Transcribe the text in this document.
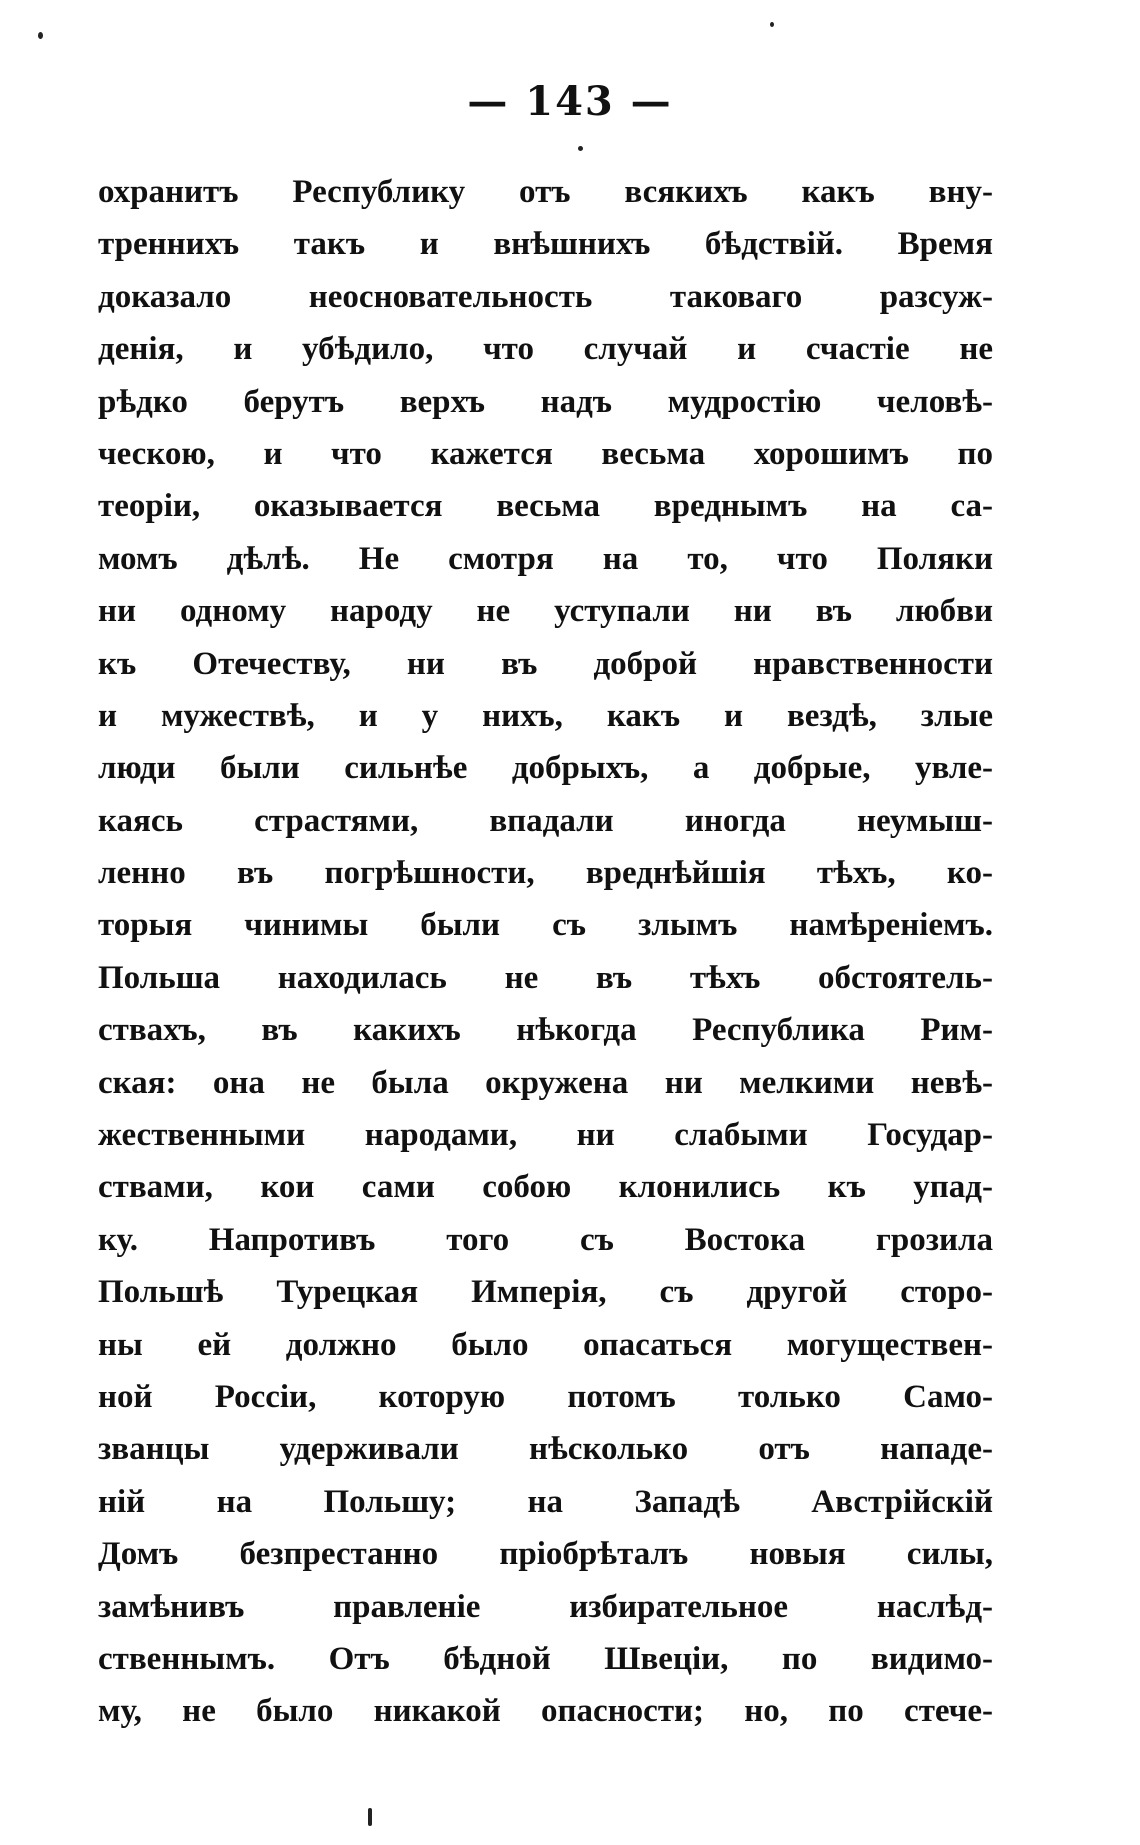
— 143 —
охранитъ Республику отъ всякихъ какъ вну-
треннихъ такъ и внѣшнихъ бѣдствій. Время
доказало неосновательность таковаго разсуж-
денія, и убѣдило, что случай и счастіе не
рѣдко берутъ верхъ надъ мудростію человѣ-
ческою, и что кажется весьма хорошимъ по
теоріи, оказывается весьма вреднымъ на са-
момъ дѣлѣ. Не смотря на то, что Поляки
ни одному народу не уступали ни въ любви
къ Отечеству, ни въ доброй нравственности
и мужествѣ, и у нихъ, какъ и вездѣ, злые
люди были сильнѣе добрыхъ, а добрые, увле-
каясь страстями, впадали иногда неумыш-
ленно въ погрѣшности, вреднѣйшія тѣхъ, ко-
торыя чинимы были съ злымъ намѣреніемъ.
Польша находилась не въ тѣхъ обстоятель-
ствахъ, въ какихъ нѣкогда Республика Рим-
ская: она не была окружена ни мелкими невѣ-
жественными народами, ни слабыми Государ-
ствами, кои сами собою клонились къ упад-
ку. Напротивъ того съ Востока грозила
Польшѣ Турецкая Имперія, съ другой сторо-
ны ей должно было опасаться могуществен-
ной Россіи, которую потомъ только Само-
званцы удерживали нѣсколько отъ нападе-
ній на Польшу; на Западѣ Австрійскій
Домъ безпрестанно пріобрѣталъ новыя силы,
замѣнивъ правленіе избирательное наслѣд-
ственнымъ. Отъ бѣдной Швеціи, по видимо-
му, не было никакой опасности; но, по стече-
